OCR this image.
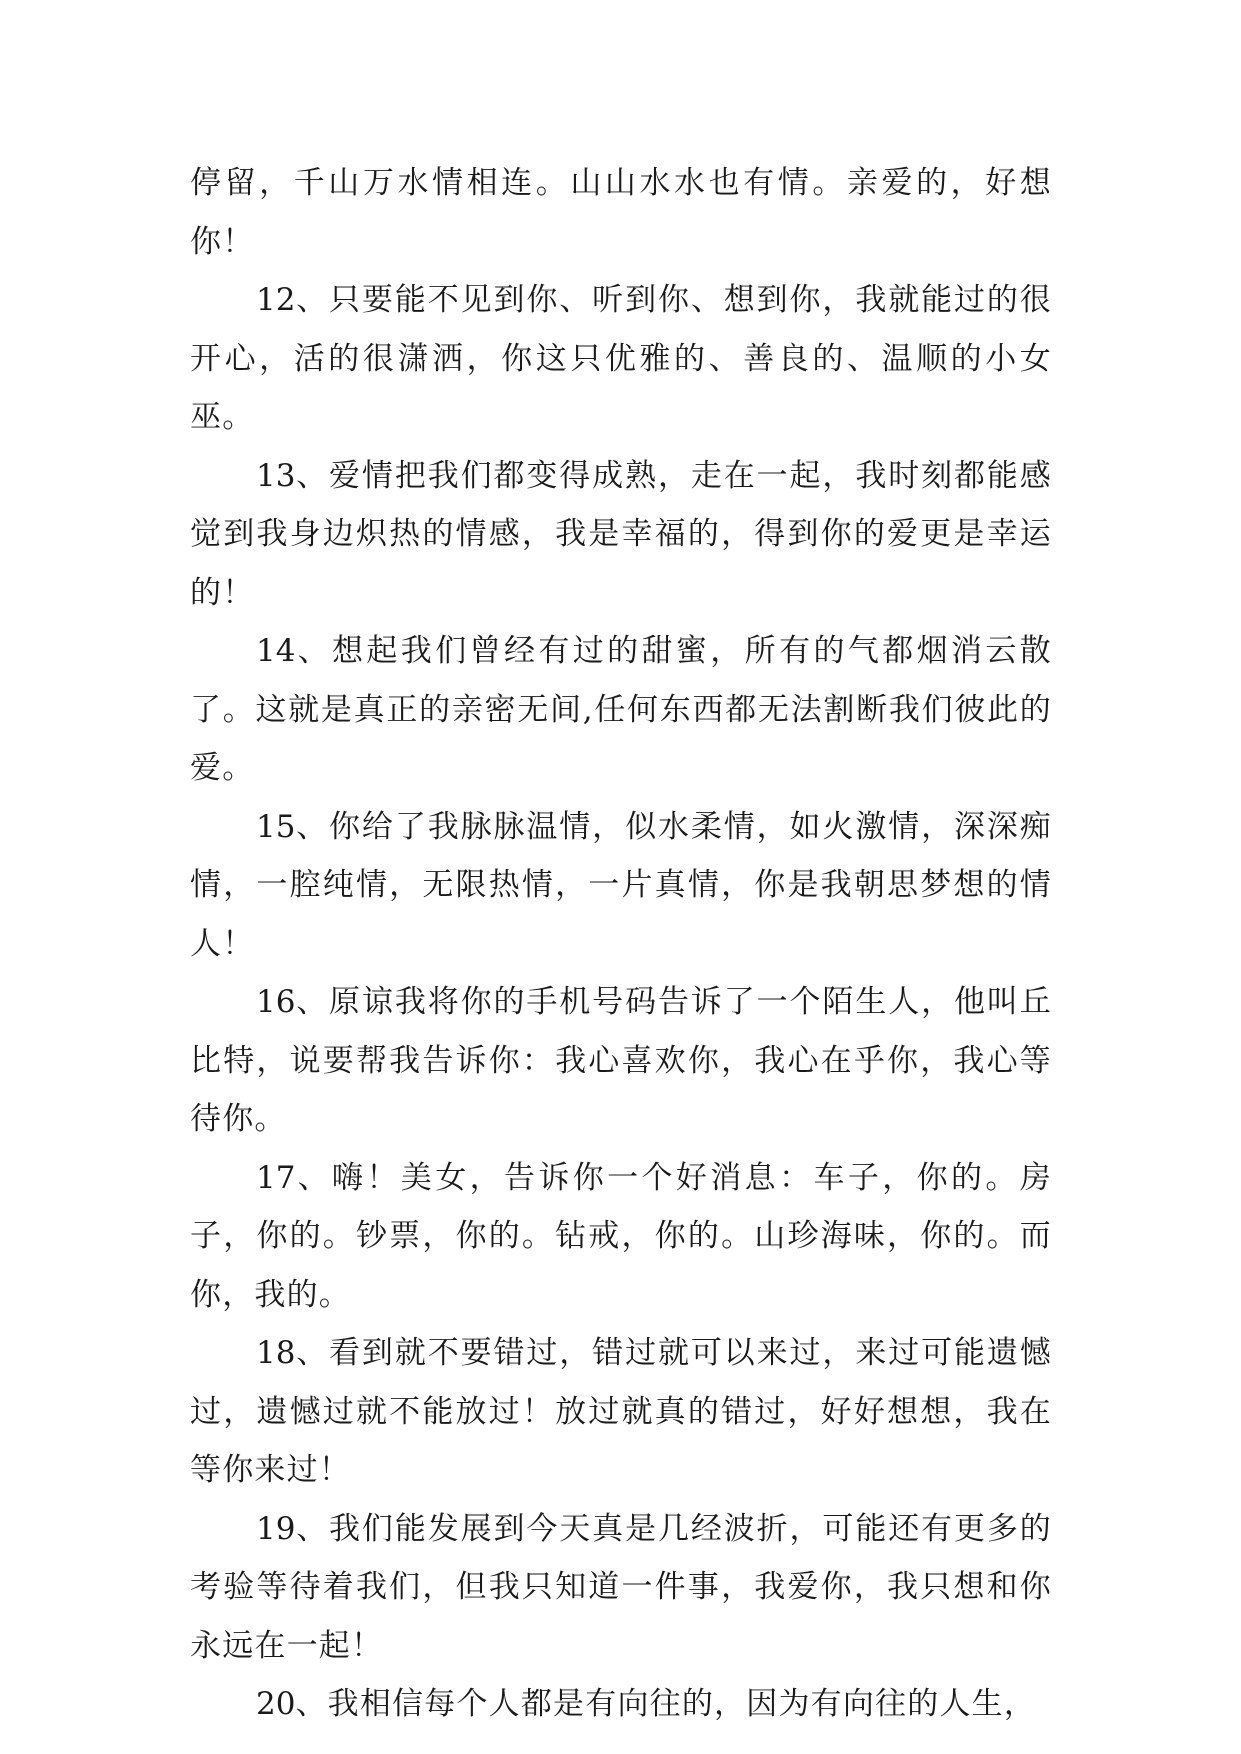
停留，千山万水情相连。山山水水也有情。亲爱的，好想你！

12、只要能不见到你、听到你、想到你，我就能过的很开心，活的很潇洒，你这只优雅的、善良的、温顺的小女巫。

13、爱情把我们都变得成熟，走在一起，我时刻都能感觉到我身边炽热的情感，我是幸福的，得到你的爱更是幸运的！

14、想起我们曾经有过的甜蜜，所有的气都烟消云散了。这就是真正的亲密无间,任何东西都无法割断我们彼此的爱。

15、你给了我脉脉温情，似水柔情，如火激情，深深痴情，一腔纯情，无限热情，一片真情，你是我朝思梦想的情人！

16、原谅我将你的手机号码告诉了一个陌生人，他叫丘比特，说要帮我告诉你：我心喜欢你，我心在乎你，我心等待你。

17、嗨！美女，告诉你一个好消息：车子，你的。房子，你的。钞票，你的。钻戒，你的。山珍海味，你的。而你，我的。

18、看到就不要错过，错过就可以来过，来过可能遗憾过，遗憾过就不能放过！放过就真的错过，好好想想，我在等你来过！

19、我们能发展到今天真是几经波折，可能还有更多的考验等待着我们，但我只知道一件事，我爱你，我只想和你永远在一起！

20、我相信每个人都是有向往的，因为有向往的人生，
